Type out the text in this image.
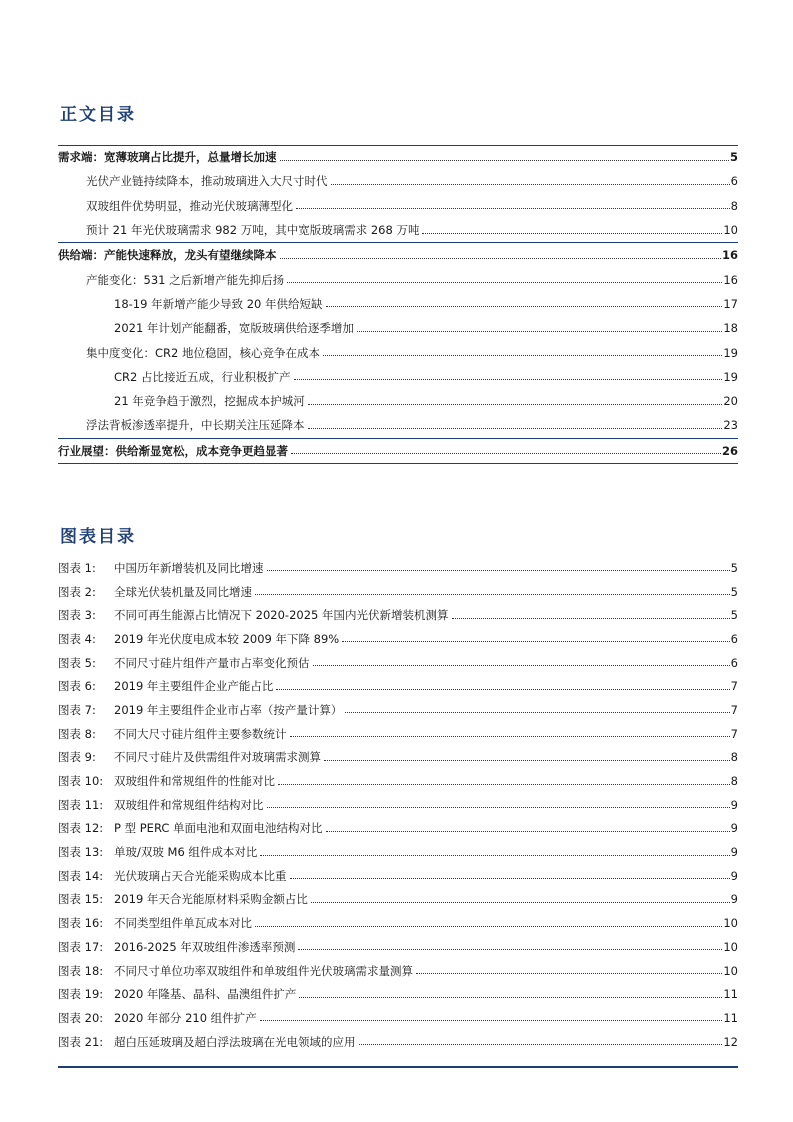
正文目录
需求端：宽薄玻璃占比提升，总量增长加速	5
光伏产业链持续降本，推动玻璃进入大尺寸时代	6
双玻组件优势明显，推动光伏玻璃薄型化	8
预计 21 年光伏玻璃需求 982 万吨，其中宽版玻璃需求 268 万吨	10
供给端：产能快速释放，龙头有望继续降本	16
产能变化：531 之后新增产能先抑后扬	16
18-19 年新增产能少导致 20 年供给短缺	17
2021 年计划产能翻番，宽版玻璃供给逐季增加	18
集中度变化：CR2 地位稳固，核心竞争在成本	19
CR2 占比接近五成，行业积极扩产	19
21 年竞争趋于激烈，挖掘成本护城河	20
浮法背板渗透率提升，中长期关注压延降本	23
行业展望：供给渐显宽松，成本竞争更趋显著	26
图表目录
图表 1: 中国历年新增装机及同比增速	5
图表 2: 全球光伏装机量及同比增速	5
图表 3: 不同可再生能源占比情况下 2020-2025 年国内光伏新增装机测算	5
图表 4: 2019 年光伏度电成本较 2009 年下降 89%	6
图表 5: 不同尺寸硅片组件产量市占率变化预估	6
图表 6: 2019 年主要组件企业产能占比	7
图表 7: 2019 年主要组件企业市占率（按产量计算）	7
图表 8: 不同大尺寸硅片组件主要参数统计	7
图表 9: 不同尺寸硅片及供需组件对玻璃需求测算	8
图表 10: 双玻组件和常规组件的性能对比	8
图表 11: 双玻组件和常规组件结构对比	9
图表 12: P 型 PERC 单面电池和双面电池结构对比	9
图表 13: 单玻/双玻 M6 组件成本对比	9
图表 14: 光伏玻璃占天合光能采购成本比重	9
图表 15: 2019 年天合光能原材料采购金额占比	9
图表 16: 不同类型组件单瓦成本对比	10
图表 17: 2016-2025 年双玻组件渗透率预测	10
图表 18: 不同尺寸单位功率双玻组件和单玻组件光伏玻璃需求量测算	10
图表 19: 2020 年隆基、晶科、晶澳组件扩产	11
图表 20: 2020 年部分 210 组件扩产	11
图表 21: 超白压延玻璃及超白浮法玻璃在光电领域的应用	12
